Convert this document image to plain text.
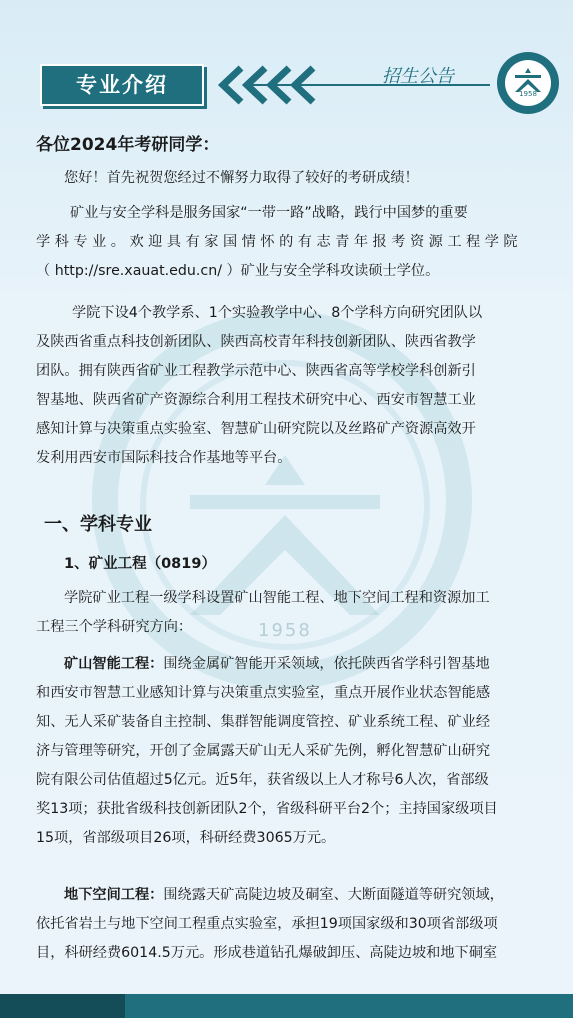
1958
专业介绍	招生公告
1958
各位2024年考研同学：
您好！首先祝贺您经过不懈努力取得了较好的考研成绩！
矿业与安全学科是服务国家“一带一路”战略，践行中国梦的重要
学 科 专 业 。 欢 迎 具 有 家 国 情 怀 的 有 志 青 年 报 考 资 源 工 程 学 院
（ http://sre.xauat.edu.cn/ ）矿业与安全学科攻读硕士学位。
学院下设4个教学系、1个实验教学中心、8个学科方向研究团队以
及陕西省重点科技创新团队、陕西高校青年科技创新团队、陕西省教学
团队。拥有陕西省矿业工程教学示范中心、陕西省高等学校学科创新引
智基地、陕西省矿产资源综合利用工程技术研究中心、西安市智慧工业
感知计算与决策重点实验室、智慧矿山研究院以及丝路矿产资源高效开
发利用西安市国际科技合作基地等平台。
一、学科专业
1、矿业工程（0819）
学院矿业工程一级学科设置矿山智能工程、地下空间工程和资源加工
工程三个学科研究方向：
矿山智能工程：围绕金属矿智能开采领域，依托陕西省学科引智基地
和西安市智慧工业感知计算与决策重点实验室，重点开展作业状态智能感
知、无人采矿装备自主控制、集群智能调度管控、矿业系统工程、矿业经
济与管理等研究，开创了金属露天矿山无人采矿先例，孵化智慧矿山研究
院有限公司估值超过5亿元。近5年，获省级以上人才称号6人次，省部级
奖13项；获批省级科技创新团队2个，省级科研平台2个；主持国家级项目
15项，省部级项目26项，科研经费3065万元。
地下空间工程：围绕露天矿高陡边坡及硐室、大断面隧道等研究领域，
依托省岩土与地下空间工程重点实验室，承担19项国家级和30项省部级项
目，科研经费6014.5万元。形成巷道钻孔爆破卸压、高陡边坡和地下硐室
